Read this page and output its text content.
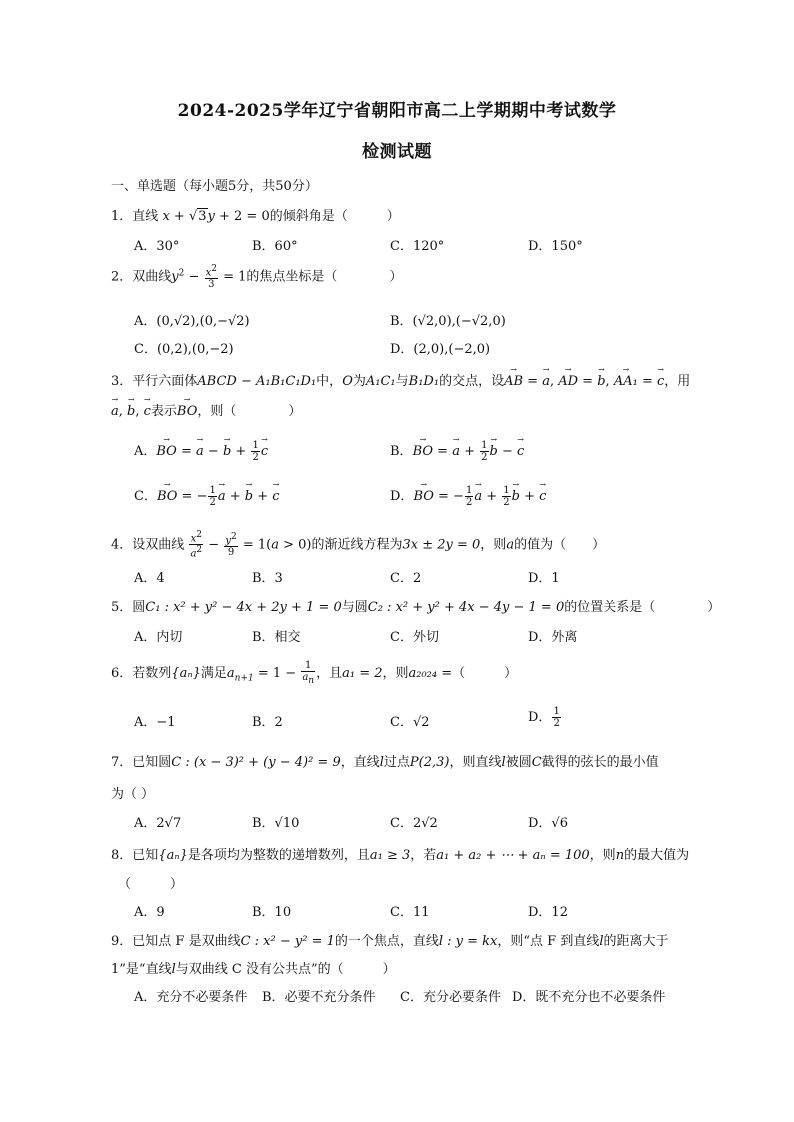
2024-2025学年辽宁省朝阳市高二上学期期中考试数学
检测试题
一、单选题（每小题5分，共50分）
1．直线 x + √3y + 2 = 0的倾斜角是（　　　）
A．30°	B．60°	C．120°	D．150°
2．双曲线$y^2 - \frac{x^2}{3} = 1$的焦点坐标是（　　　　）
A．(0,√2),(0,−√2)	B．(√2,0),(−√2,0)
C．(0,2),(0,−2)	D．(2,0),(−2,0)
3．平行六面体ABCD − A₁B₁C₁D₁中，O为A₁C₁与B₁D₁的交点，设→ AB = → a, → AD = → b, → AA₁ = → c，用
→ a, → b, → c表示→ BO，则（　　　　）
A．→ BO = → a − → $b + \frac{1}{2}$
→ c	B．→ BO = → $a + \frac{1}{2}$
→ b − → c
C．→ BO = − $\frac{1}{2}$
→ a + → b + → c	D．→ BO = − $\frac{1}{2}$
→ $a + \frac{1}{2}$
→ b + → c
4．设双曲线 $\frac{x^2}{a^2} - \frac{y^2}{9} = 1(a > 0)$的渐近线方程为3x ± 2y = 0，则a的值为（　　）
A．4	B．3	C．2	D．1
5．圆C₁ : x² + y² − 4x + 2y + 1 = 0与圆C₂ : x² + y² + 4x − 4y − 1 = 0的位置关系是（　　　　）
A．内切	B．相交	C．外切	D．外离
6．若数列{aₙ}满足$a_{n+1} = 1 - \frac{1}{a_n}$ ，且a₁ = 2，则a₂₀₂₄ =（　　　）
A．−1	B．2	C．√2	D． $\frac{1}{2}$
7．已知圆C : (x − 3)² + (y − 4)² = 9，直线l过点P(2,3)，则直线l被圆C截得的弦长的最小值
为（ ）
A．2√7	B．√10	C．2√2	D．√6
8．已知{aₙ}是各项均为整数的递增数列，且a₁ ≥ 3，若a₁ + a₂ + ⋯ + aₙ = 100，则n的最大值为
（　　　）
A．9	B．10	C．11	D．12
9．已知点 F 是双曲线C : x² − y² = 1的一个焦点，直线l : y = kx，则“点 F 到直线l的距离大于
1”是“直线l与双曲线 C 没有公共点”的（　　　）
A．充分不必要条件 B．必要不充分条件 C．充分必要条件 D．既不充分也不必要条件
